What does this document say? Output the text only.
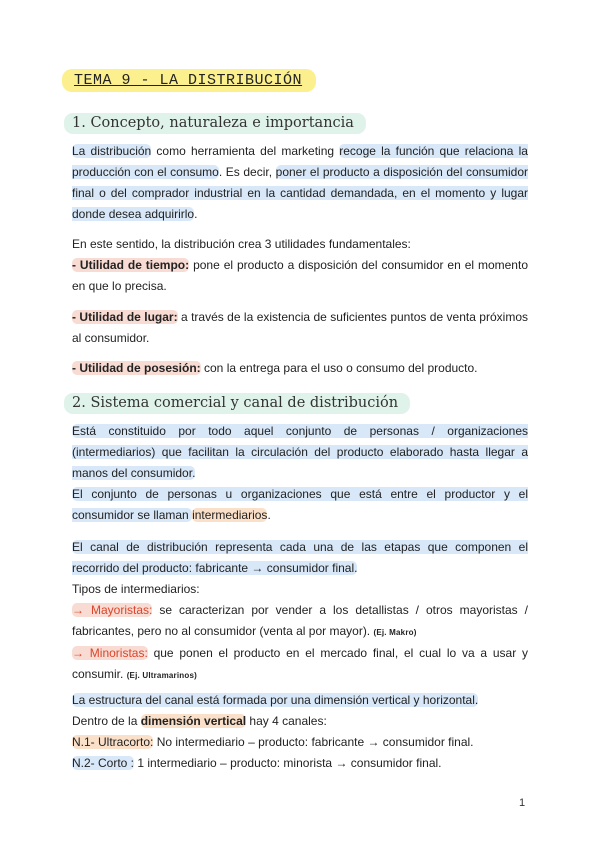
TEMA 9 - LA DISTRIBUCIÓN
1. Concepto, naturaleza e importancia

La distribución como herramienta del marketing recoge la función que relaciona la producción con el consumo. Es decir, poner el producto a disposición del consumidor final o del comprador industrial en la cantidad demandada, en el momento y lugar donde desea adquirirlo.

En este sentido, la distribución crea 3 utilidades fundamentales:

- Utilidad de tiempo: pone el producto a disposición del consumidor en el momento en que lo precisa.

- Utilidad de lugar: a través de la existencia de suficientes puntos de venta próximos al consumidor.

- Utilidad de posesión: con la entrega para el uso o consumo del producto.

2. Sistema comercial y canal de distribución

Está constituido por todo aquel conjunto de personas / organizaciones (intermediarios) que facilitan la circulación del producto elaborado hasta llegar a manos del consumidor.

El conjunto de personas u organizaciones que está entre el productor y el consumidor se llaman intermediarios.

El canal de distribución representa cada una de las etapas que componen el recorrido del producto: fabricante → consumidor final.

Tipos de intermediarios:

→ Mayoristas: se caracterizan por vender a los detallistas / otros mayoristas / fabricantes, pero no al consumidor (venta al por mayor). (Ej. Makro)

→ Minoristas: que ponen el producto en el mercado final, el cual lo va a usar y consumir. (Ej. Ultramarinos)

La estructura del canal está formada por una dimensión vertical y horizontal.

Dentro de la dimensión vertical hay 4 canales:

N.1- Ultracorto: No intermediario – producto: fabricante → consumidor final.

N.2- Corto : 1 intermediario – producto: minorista → consumidor final.

1
